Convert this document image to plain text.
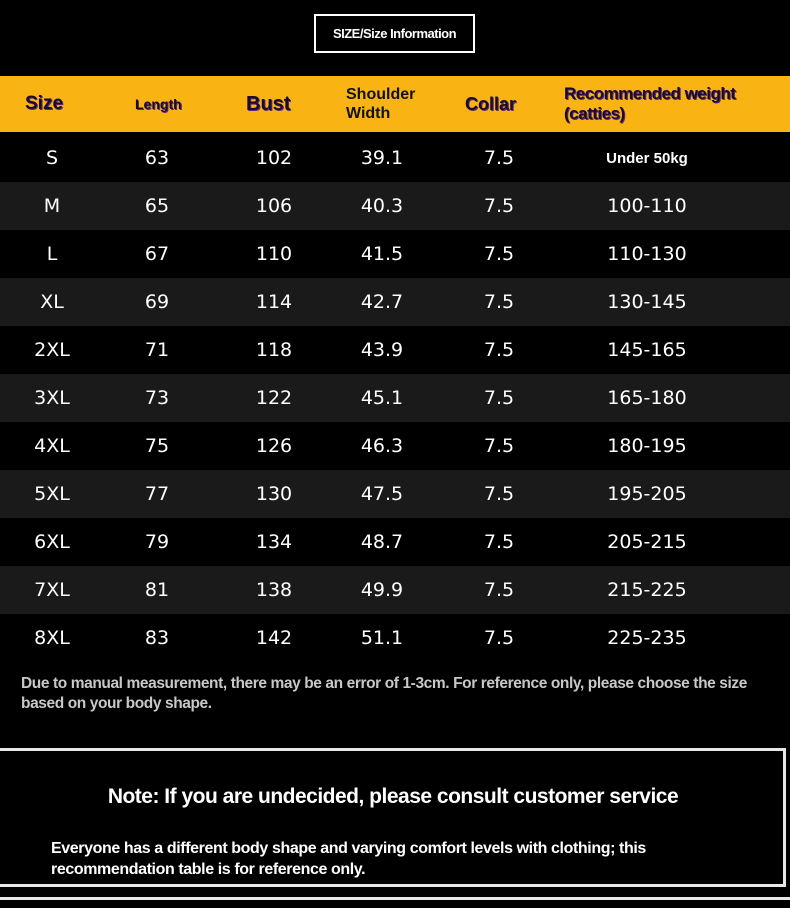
SIZE/Size Information
Size	Length	Bust	Shoulder Width	Collar	Recommended weight (catties)
S	63	102	39.1	7.5	Under 50kg
M	65	106	40.3	7.5	100-110
L	67	110	41.5	7.5	110-130
XL	69	114	42.7	7.5	130-145
2XL	71	118	43.9	7.5	145-165
3XL	73	122	45.1	7.5	165-180
4XL	75	126	46.3	7.5	180-195
5XL	77	130	47.5	7.5	195-205
6XL	79	134	48.7	7.5	205-215
7XL	81	138	49.9	7.5	215-225
8XL	83	142	51.1	7.5	225-235
Due to manual measurement, there may be an error of 1-3cm. For reference only, please choose the size based on your body shape.
Note: If you are undecided, please consult customer service
Everyone has a different body shape and varying comfort levels with clothing; this recommendation table is for reference only.
